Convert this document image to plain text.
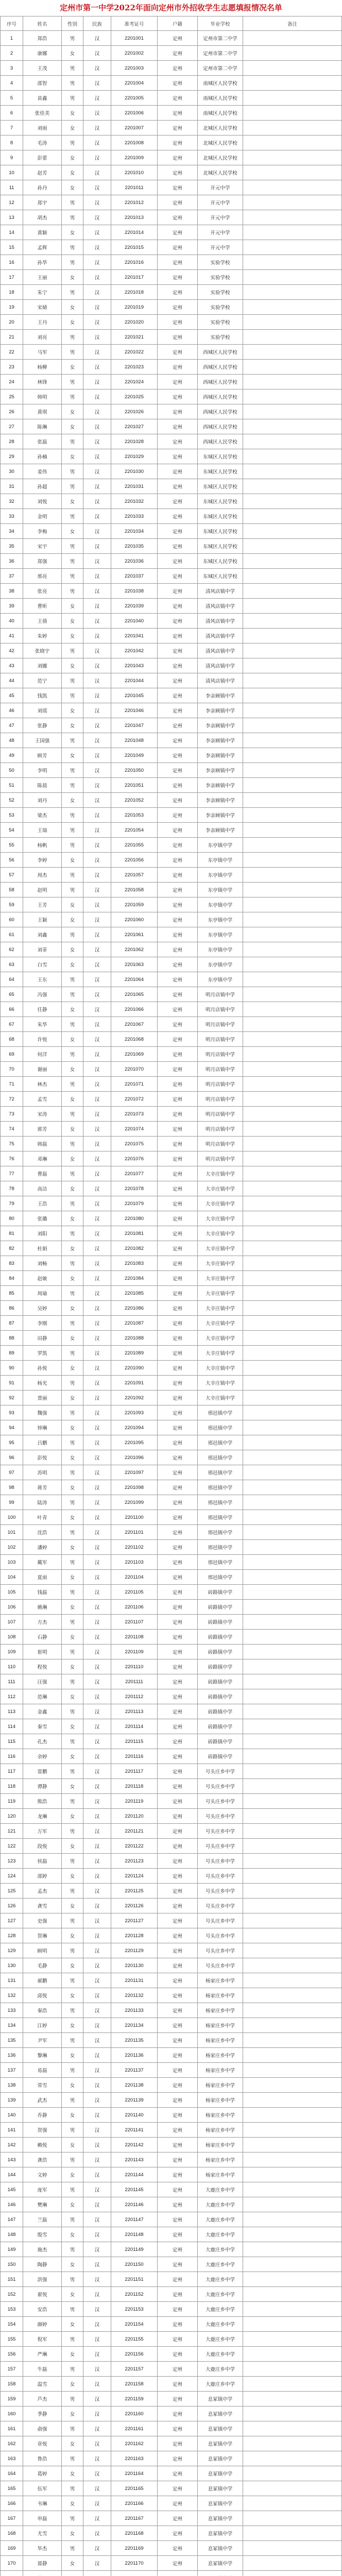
定州市第一中学2022年面向定州市外招收学生志愿填报情况名单
序号	姓名	性别	民族	准考证号	户籍	毕业学校	备注
1	郑浩	男	汉	2201001	定州	定州市第二中学
2	康娜	女	汉	2201002	定州	定州市第二中学
3	王茂	男	汉	2201003	定州	定州市第二中学
4	邵智	男	汉	2201004	定州	南城区人民学校
5	苗鑫	男	汉	2201005	定州	南城区人民学校
6	张佳美	女	汉	2201006	定州	南城区人民学校
7	刘雨	女	汉	2201007	定州	北城区人民学校
8	毛涛	男	汉	2201008	定州	北城区人民学校
9	彭蕾	女	汉	2201009	定州	北城区人民学校
10	赵芳	女	汉	2201010	定州	北城区人民学校
11	孙丹	女	汉	2201011	定州	开元中学
12	郑宇	男	汉	2201012	定州	开元中学
13	胡杰	男	汉	2201013	定州	开元中学
14	黄颖	女	汉	2201014	定州	开元中学
15	孟辉	男	汉	2201015	定州	开元中学
16	孙华	男	汉	2201016	定州	实验学校
17	王丽	女	汉	2201017	定州	实验学校
18	朱宁	男	汉	2201018	定州	实验学校
19	宋婧	女	汉	2201019	定州	实验学校
20	王丹	女	汉	2201020	定州	实验学校
21	刘亮	男	汉	2201021	定州	实验学校
22	马军	男	汉	2201022	定州	西城区人民学校
23	杨柳	女	汉	2201023	定州	西城区人民学校
24	林锋	男	汉	2201024	定州	西城区人民学校
25	韩明	男	汉	2201025	定州	西城区人民学校
26	黄琪	女	汉	2201026	定州	西城区人民学校
27	陈琳	女	汉	2201027	定州	西城区人民学校
28	张磊	男	汉	2201028	定州	西城区人民学校
29	孙楠	女	汉	2201029	定州	东城区人民学校
30	姜伟	男	汉	2201030	定州	东城区人民学校
31	孙超	男	汉	2201031	定州	东城区人民学校
32	刘悦	女	汉	2201032	定州	东城区人民学校
33	金明	男	汉	2201033	定州	东城区人民学校
34	李梅	女	汉	2201034	定州	东城区人民学校
35	宋宇	男	汉	2201035	定州	东城区人民学校
36	郑强	男	汉	2201036	定州	东城区人民学校
37	邢亮	男	汉	2201037	定州	东城区人民学校
38	张亮	男	汉	2201038	定州	清风店镇中学
39	曹昕	女	汉	2201039	定州	清风店镇中学
40	王倩	女	汉	2201040	定州	清风店镇中学
41	朱婷	女	汉	2201041	定州	清风店镇中学
42	张晓宇	男	汉	2201042	定州	清风店镇中学
43	刘娜	女	汉	2201043	定州	清风店镇中学
44	范宁	男	汉	2201044	定州	清风店镇中学
45	钱凯	男	汉	2201045	定州	李亲顾镇中学
46	刘瑶	女	汉	2201046	定州	李亲顾镇中学
47	张静	女	汉	2201047	定州	李亲顾镇中学
48	王国强	男	汉	2201048	定州	李亲顾镇中学
49	顾芳	女	汉	2201049	定州	李亲顾镇中学
50	李明	男	汉	2201050	定州	李亲顾镇中学
51	陈晨	男	汉	2201051	定州	李亲顾镇中学
52	刘丹	女	汉	2201052	定州	李亲顾镇中学
53	梁杰	男	汉	2201053	定州	李亲顾镇中学
54	王瑞	男	汉	2201054	定州	李亲顾镇中学
55	杨帆	男	汉	2201055	定州	东亭镇中学
56	李婷	女	汉	2201056	定州	东亭镇中学
57	周杰	男	汉	2201057	定州	东亭镇中学
58	赵明	男	汉	2201058	定州	东亭镇中学
59	王芳	女	汉	2201059	定州	东亭镇中学
60	王颖	女	汉	2201060	定州	东亭镇中学
61	刘鑫	男	汉	2201061	定州	东亭镇中学
62	刘菲	女	汉	2201062	定州	东亭镇中学
63	白雪	女	汉	2201063	定州	东亭镇中学
64	王东	男	汉	2201064	定州	东亭镇中学
65	冯强	男	汉	2201065	定州	明月店镇中学
66	任静	女	汉	2201066	定州	明月店镇中学
67	朱华	男	汉	2201067	定州	明月店镇中学
68	许悦	女	汉	2201068	定州	明月店镇中学
69	何洋	男	汉	2201069	定州	明月店镇中学
70	谢丽	女	汉	2201070	定州	明月店镇中学
71	林杰	男	汉	2201071	定州	明月店镇中学
72	孟雪	女	汉	2201072	定州	明月店镇中学
73	宋涛	男	汉	2201073	定州	明月店镇中学
74	郭芳	女	汉	2201074	定州	明月店镇中学
75	韩磊	男	汉	2201075	定州	明月店镇中学
76	邓琳	女	汉	2201076	定州	明月店镇中学
77	曹磊	男	汉	2201077	定州	大辛庄镇中学
78	高洁	女	汉	2201078	定州	大辛庄镇中学
79	王浩	男	汉	2201079	定州	大辛庄镇中学
80	张璐	女	汉	2201080	定州	大辛庄镇中学
81	刘阳	男	汉	2201081	定州	大辛庄镇中学
82	杜娟	女	汉	2201082	定州	大辛庄镇中学
83	刘畅	男	汉	2201083	定州	大辛庄镇中学
84	赵敏	女	汉	2201084	定州	大辛庄镇中学
85	周瑜	男	汉	2201085	定州	大辛庄镇中学
86	吴婷	女	汉	2201086	定州	大辛庄镇中学
87	李刚	男	汉	2201087	定州	大辛庄镇中学
88	田静	女	汉	2201088	定州	大辛庄镇中学
89	罗凯	男	汉	2201089	定州	大辛庄镇中学
90	孙悦	女	汉	2201090	定州	大辛庄镇中学
91	杨光	男	汉	2201091	定州	大辛庄镇中学
92	贾丽	女	汉	2201092	定州	大辛庄镇中学
93	魏强	男	汉	2201093	定州	邢邑镇中学
94	钟琳	女	汉	2201094	定州	邢邑镇中学
95	吕鹏	男	汉	2201095	定州	邢邑镇中学
96	彭悦	女	汉	2201096	定州	邢邑镇中学
97	苏明	男	汉	2201097	定州	邢邑镇中学
98	蒋芳	女	汉	2201098	定州	邢邑镇中学
99	陆涛	男	汉	2201099	定州	邢邑镇中学
100	叶青	女	汉	2201100	定州	邢邑镇中学
101	沈浩	男	汉	2201101	定州	邢邑镇中学
102	潘婷	女	汉	2201102	定州	邢邑镇中学
103	戴军	男	汉	2201103	定州	邢邑镇中学
104	夏雨	女	汉	2201104	定州	邢邑镇中学
105	钱磊	男	汉	2201105	定州	砖路镇中学
106	姚琳	女	汉	2201106	定州	砖路镇中学
107	方杰	男	汉	2201107	定州	砖路镇中学
108	石静	女	汉	2201108	定州	砖路镇中学
109	崔明	男	汉	2201109	定州	砖路镇中学
110	程悦	女	汉	2201110	定州	砖路镇中学
111	汪强	男	汉	2201111	定州	砖路镇中学
112	范琳	女	汉	2201112	定州	砖路镇中学
113	金鑫	男	汉	2201113	定州	砖路镇中学
114	秦雪	女	汉	2201114	定州	砖路镇中学
115	孔杰	男	汉	2201115	定州	砖路镇中学
116	余婷	女	汉	2201116	定州	砖路镇中学
117	雷鹏	男	汉	2201117	定州	号头庄乡中学
118	谭静	女	汉	2201118	定州	号头庄乡中学
119	熊浩	男	汉	2201119	定州	号头庄乡中学
120	龙琳	女	汉	2201120	定州	号头庄乡中学
121	万军	男	汉	2201121	定州	号头庄乡中学
122	段悦	女	汉	2201122	定州	号头庄乡中学
123	侯磊	男	汉	2201123	定州	号头庄乡中学
124	邵婷	女	汉	2201124	定州	号头庄乡中学
125	孟杰	男	汉	2201125	定州	号头庄乡中学
126	龚雪	女	汉	2201126	定州	号头庄乡中学
127	史强	男	汉	2201127	定州	号头庄乡中学
128	贺琳	女	汉	2201128	定州	号头庄乡中学
129	顾明	男	汉	2201129	定州	号头庄乡中学
130	毛静	女	汉	2201130	定州	号头庄乡中学
131	郝鹏	男	汉	2201131	定州	杨家庄乡中学
132	邱悦	女	汉	2201132	定州	杨家庄乡中学
133	秦浩	男	汉	2201133	定州	杨家庄乡中学
134	江婷	女	汉	2201134	定州	杨家庄乡中学
135	尹军	男	汉	2201135	定州	杨家庄乡中学
136	黎琳	女	汉	2201136	定州	杨家庄乡中学
137	易磊	男	汉	2201137	定州	杨家庄乡中学
138	常雪	女	汉	2201138	定州	杨家庄乡中学
139	武杰	男	汉	2201139	定州	杨家庄乡中学
140	乔静	女	汉	2201140	定州	杨家庄乡中学
141	贺强	男	汉	2201141	定州	杨家庄乡中学
142	赖悦	女	汉	2201142	定州	杨家庄乡中学
143	龚浩	男	汉	2201143	定州	杨家庄乡中学
144	文婷	女	汉	2201144	定州	杨家庄乡中学
145	庞军	男	汉	2201145	定州	大鹿庄乡中学
146	樊琳	女	汉	2201146	定州	大鹿庄乡中学
147	兰磊	男	汉	2201147	定州	大鹿庄乡中学
148	殷雪	女	汉	2201148	定州	大鹿庄乡中学
149	施杰	男	汉	2201149	定州	大鹿庄乡中学
150	陶静	女	汉	2201150	定州	大鹿庄乡中学
151	洪强	男	汉	2201151	定州	大鹿庄乡中学
152	翟悦	女	汉	2201152	定州	大鹿庄乡中学
153	安浩	男	汉	2201153	定州	大鹿庄乡中学
154	颜婷	女	汉	2201154	定州	大鹿庄乡中学
155	倪军	男	汉	2201155	定州	大鹿庄乡中学
156	严琳	女	汉	2201156	定州	大鹿庄乡中学
157	牛磊	男	汉	2201157	定州	大鹿庄乡中学
158	温雪	女	汉	2201158	定州	大鹿庄乡中学
159	芦杰	男	汉	2201159	定州	息冢镇中学
160	季静	女	汉	2201160	定州	息冢镇中学
161	俞强	男	汉	2201161	定州	息冢镇中学
162	章悦	女	汉	2201162	定州	息冢镇中学
163	鲁浩	男	汉	2201163	定州	息冢镇中学
164	葛婷	女	汉	2201164	定州	息冢镇中学
165	伍军	男	汉	2201165	定州	息冢镇中学
166	韦琳	女	汉	2201166	定州	息冢镇中学
167	申磊	男	汉	2201167	定州	息冢镇中学
168	尤雪	女	汉	2201168	定州	息冢镇中学
169	毕杰	男	汉	2201169	定州	息冢镇中学
170	聂静	女	汉	2201170	定州	息冢镇中学
